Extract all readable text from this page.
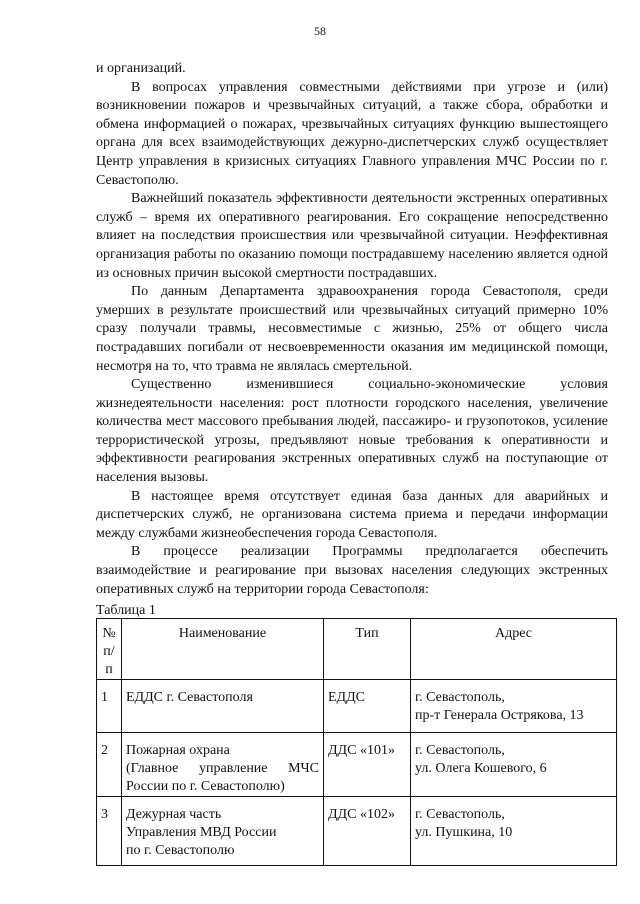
58

и организаций.

В вопросах управления совместными действиями при угрозе и (или) возникновении пожаров и чрезвычайных ситуаций, а также сбора, обработки и обмена информацией о пожарах, чрезвычайных ситуациях функцию вышестоящего органа для всех взаимодействующих дежурно-диспетчерских служб осуществляет Центр управления в кризисных ситуациях Главного управления МЧС России по г. Севастополю.

Важнейший показатель эффективности деятельности экстренных оперативных служб – время их оперативного реагирования. Его сокращение непосредственно влияет на последствия происшествия или чрезвычайной ситуации. Неэффективная организация работы по оказанию помощи пострадавшему населению является одной из основных причин высокой смертности пострадавших.

По данным Департамента здравоохранения города Севастополя, среди умерших в результате происшествий или чрезвычайных ситуаций примерно 10% сразу получали травмы, несовместимые с жизнью, 25% от общего числа пострадавших погибали от несвоевременности оказания им медицинской помощи, несмотря на то, что травма не являлась смертельной.

Существенно изменившиеся социально-экономические условия жизнедеятельности населения: рост плотности городского населения, увеличение количества мест массового пребывания людей, пассажиро- и грузопотоков, усиление террористической угрозы, предъявляют новые требования к оперативности и эффективности реагирования экстренных оперативных служб на поступающие от населения вызовы.

В настоящее время отсутствует единая база данных для аварийных и диспетчерских служб, не организована система приема и передачи информации между службами жизнеобеспечения города Севастополя.

В процессе реализации Программы предполагается обеспечить взаимодействие и реагирование при вызовах населения следующих экстренных оперативных служб на территории города Севастополя:

Таблица 1
№
п/п	Наименование	Тип	Адрес
1	ЕДДС г. Севастополя	ЕДДС	г. Севастополь,
пр-т Генерала Острякова, 13

2	Пожарная охрана
(Главное управление МЧС
России по г. Севастополю)	ДДС «101»	г. Севастополь,
ул. Олега Кошевого, 6

3	Дежурная часть
Управления МВД России
по г. Севастополю	ДДС «102»	г. Севастополь,
ул. Пушкина, 10
